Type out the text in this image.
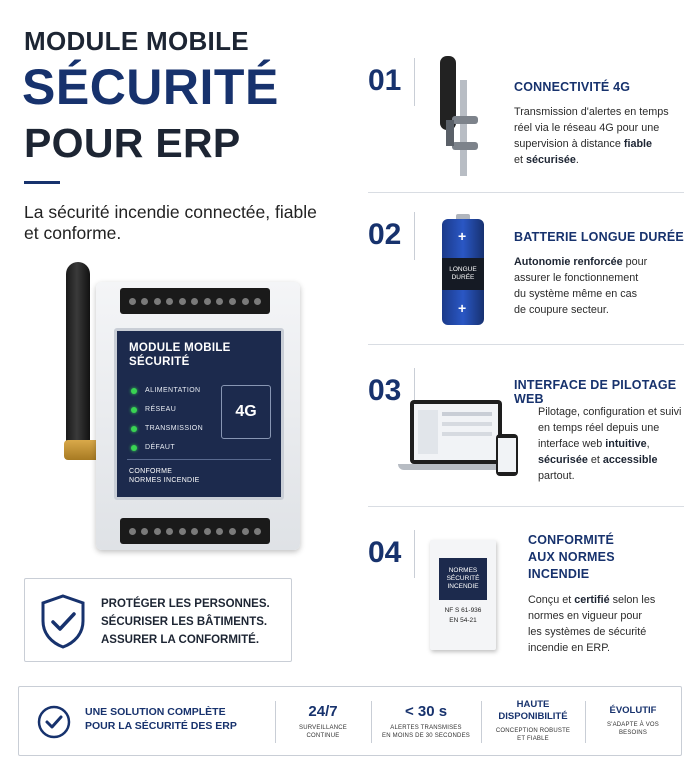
MODULE MOBILE
SÉCURITÉ
POUR ERP
La sécurité incendie connectée, fiable et conforme.
MODULE MOBILE
SÉCURITÉ
ALIMENTATION
RÉSEAU
TRANSMISSION
DÉFAUT
4G
CONFORME
NORMES INCENDIE
PROTÉGER LES PERSONNES.
SÉCURISER LES BÂTIMENTS.
ASSURER LA CONFORMITÉ.
01	CONNECTIVITÉ 4G
Transmission d'alertes en temps
réel via le réseau 4G pour une
supervision à distance fiable
et sécurisée.
02
LONGUE
DURÉE
+
+
BATTERIE LONGUE DURÉE
Autonomie renforcée pour
assurer le fonctionnement
du système même en cas
de coupure secteur.
03	INTERFACE DE PILOTAGE WEB
Pilotage, configuration et suivi
en temps réel depuis une
interface web intuitive,
sécurisée et accessible
partout.
04
NORMES
SÉCURITÉ
INCENDIE
NF S 61-936
EN 54-21
CONFORMITÉ
AUX NORMES
INCENDIE
Conçu et certifié selon les
normes en vigueur pour
les systèmes de sécurité
incendie en ERP.
UNE SOLUTION COMPLÈTE
POUR LA SÉCURITÉ DES ERP
24/7
SURVEILLANCE
CONTINUE
< 30 s
ALERTES TRANSMISES
EN MOINS DE 30 SECONDES
HAUTE
DISPONIBILITÉ
CONCEPTION ROBUSTE
ET FIABLE
ÉVOLUTIF
S'ADAPTE À VOS
BESOINS
